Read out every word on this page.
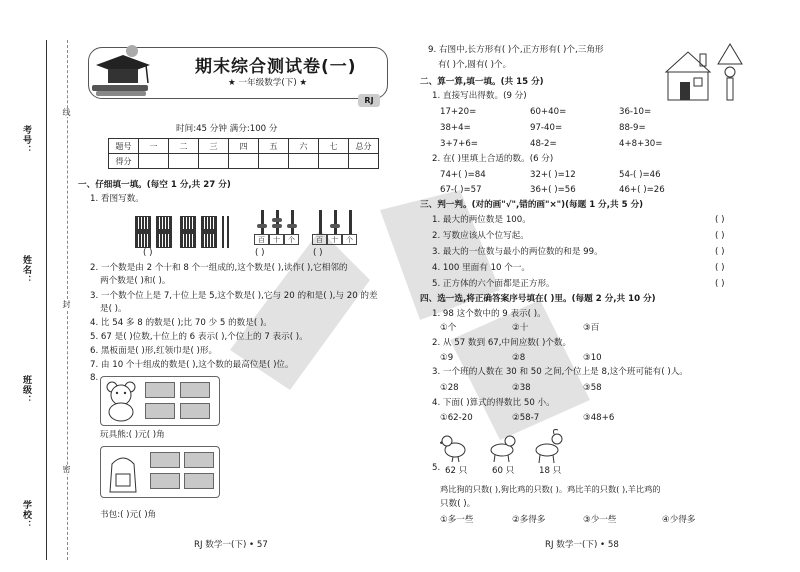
考号：
姓名：
班级：
学校：
线
封
密
期末综合测试卷(一)
★ 一年级数学(下) ★
RJ
时间:45 分钟 满分:100 分
题号	一	二	三	四	五	六	七	总分
得分								
一、仔细填一填。(每空 1 分,共 27 分)
1. 看图写数。
( )
百	十	个
( )
百	十	个
( )
2. 一个数是由 2 个十和 8 个一组成的,这个数是( ),读作( ),它相邻的
两个数是( )和( )。
3. 一个数个位上是 7,十位上是 5,这个数是( ),它与 20 的和是( ),与 20 的差
是( )。
4. 比 54 多 8 的数是( );比 70 少 5 的数是( )。
5. 67 是( )位数,十位上的 6 表示( ),个位上的 7 表示( )。
6. 黑板面是( )形,红领巾是( )形。
7. 由 10 个十组成的数是( ),这个数的最高位是( )位。
8.
玩具熊:( )元( )角
书包:( )元( )角
RJ 数学一(下) • 57
9. 右图中,长方形有( )个,正方形有( )个,三角形
有( )个,圆有( )个。
二、算一算,填一填。(共 15 分)
1. 直接写出得数。(9 分)
17+20=	60+40=	36-10=
38+4=	97-40=	88-9=
3+7+6=	48-2=	4+8+30=
2. 在( )里填上合适的数。(6 分)
74+( )=84	32+( )=12	54-( )=46
67-( )=57	36+( )=56	46+( )=26
三、判一判。(对的画"√",错的画"×")(每题 1 分,共 5 分)
1. 最大的两位数是 100。	( )
2. 写数应该从个位写起。	( )
3. 最大的一位数与最小的两位数的和是 99。	( )
4. 100 里面有 10 个一。	( )
5. 正方体的六个面都是正方形。	( )
四、选一选,将正确答案序号填在( )里。(每题 2 分,共 10 分)
1. 98 这个数中的 9 表示( )。
①个	②十	③百
2. 从 57 数到 67,中间应数( )个数。
①9	②8	③10
3. 一个班的人数在 30 和 50 之间,个位上是 8,这个班可能有( )人。
①28	②38	③58
4. 下面( )算式的得数比 50 小。
①62-20	②58-7	③48+6
5. 62 只	60 只	18 只
鸡比狗的只数( ),狗比鸡的只数( )。鸡比羊的只数( ),羊比鸡的
只数( )。
①多一些	②多得多	③少一些	④少得多
RJ 数学一(下) • 58
